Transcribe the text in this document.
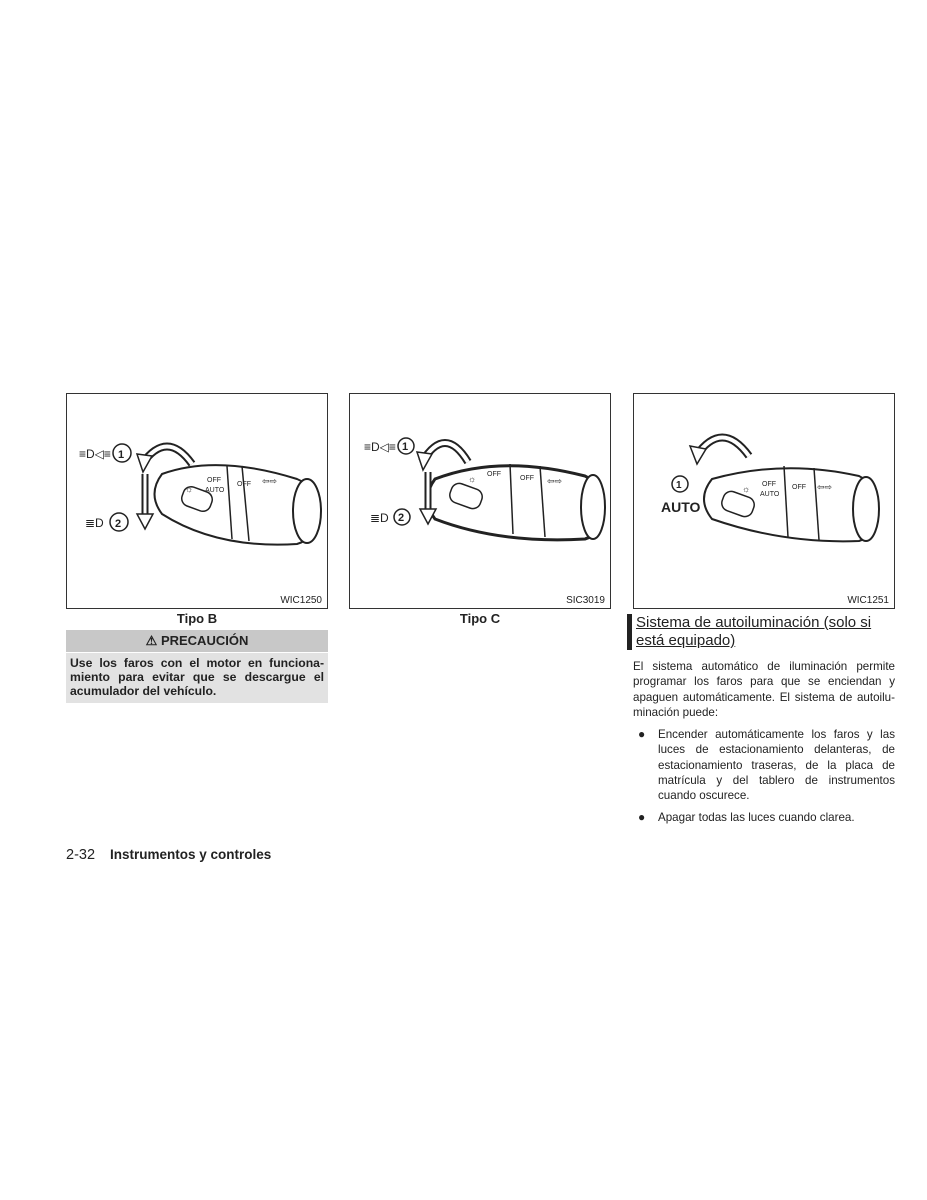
≡D◁≡ 1
≣D 2
☼
OFF
AUTO
OFF ⇦⇨
WIC1250
Tipo B
≡D◁≡ 1
≣D 2
☼ OFF
OFF ⇦⇨
SIC3019
Tipo C
1
AUTO
☼ OFF
AUTO
OFF ⇦⇨
WIC1251
⚠ PRECAUCIÓN
Use los faros con el motor en funciona-miento para evitar que se descargue el acumulador del vehículo.
Sistema de autoiluminación (solo si
está equipado)
El sistema automático de iluminación permite programar los faros para que se enciendan y apaguen automáticamente. El sistema de autoilu-minación puede:
● Encender automáticamente los faros y las luces de estacionamiento delanteras, de estacionamiento traseras, de la placa de matrícula y del tablero de instrumentos cuando oscurece.
● Apagar todas las luces cuando clarea.
2-32 Instrumentos y controles
